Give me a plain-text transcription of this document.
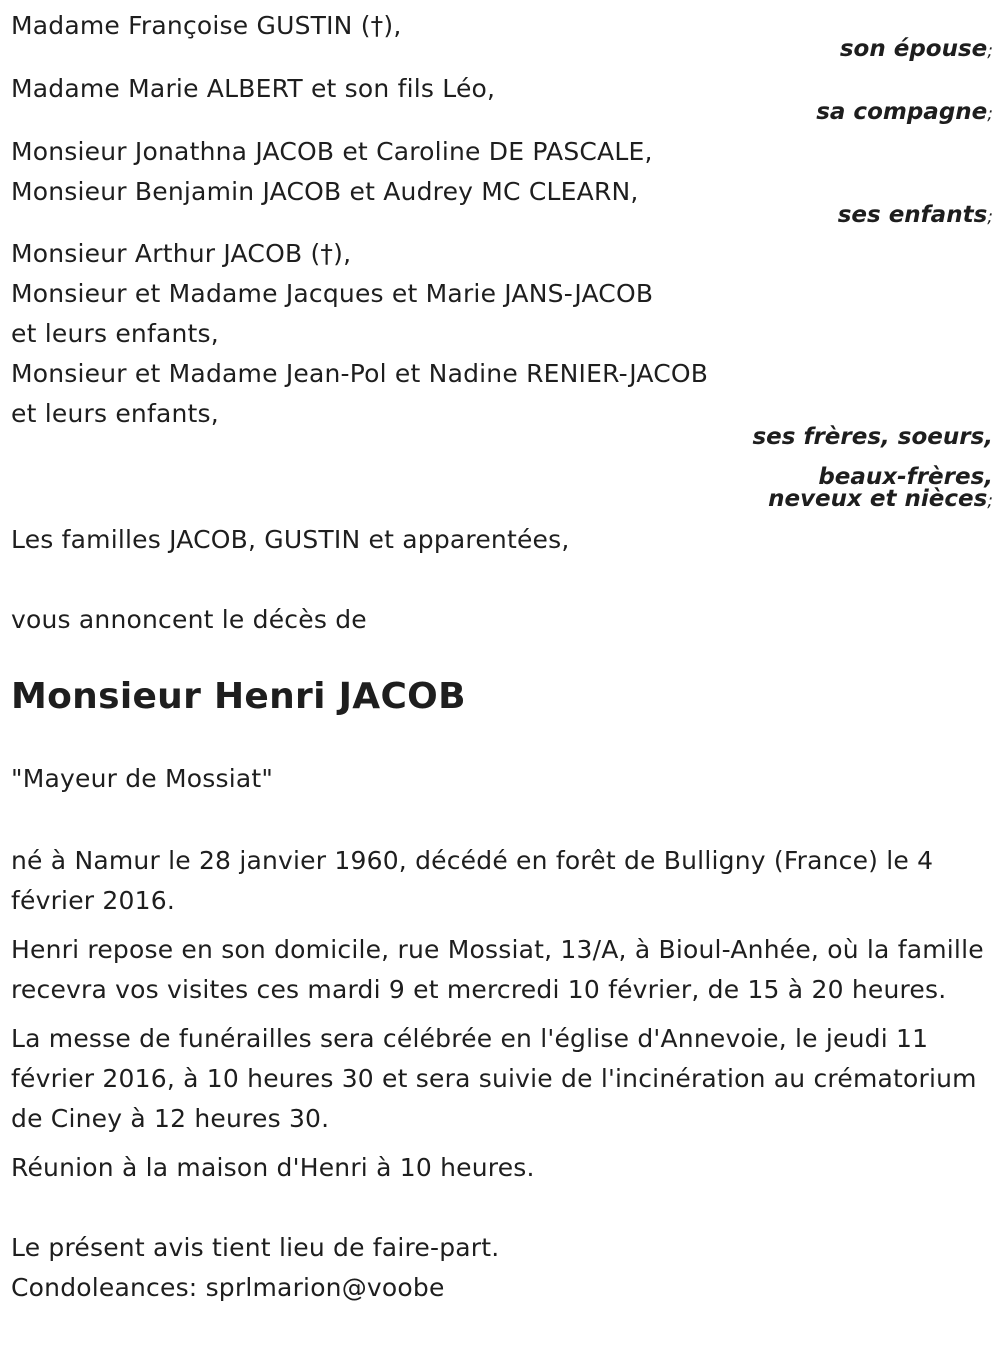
Madame Françoise GUSTIN (†),
son épouse;
Madame Marie ALBERT et son fils Léo,
sa compagne;
Monsieur Jonathna JACOB et Caroline DE PASCALE,
Monsieur Benjamin JACOB et Audrey MC CLEARN,
ses enfants;
Monsieur Arthur JACOB (†),
Monsieur et Madame Jacques et Marie JANS-JACOB
et leurs enfants,
Monsieur et Madame Jean-Pol et Nadine RENIER-JACOB
et leurs enfants,
ses frères, soeurs,
beaux-frères,
neveux et nièces;
Les familles JACOB, GUSTIN et apparentées,
vous annoncent le décès de
Monsieur Henri JACOB
"Mayeur de Mossiat"
né à Namur le 28 janvier 1960, décédé en forêt de Bulligny (France) le 4 février 2016.
Henri repose en son domicile, rue Mossiat, 13/A, à Bioul-Anhée, où la famille recevra vos visites ces mardi 9 et mercredi 10 février, de 15 à 20 heures.
La messe de funérailles sera célébrée en l'église d'Annevoie, le jeudi 11 février 2016, à 10 heures 30 et sera suivie de l'incinération au crématorium de Ciney à 12 heures 30.
Réunion à la maison d'Henri à 10 heures.
Le présent avis tient lieu de faire-part.
Condoleances: sprlmarion@voobe
